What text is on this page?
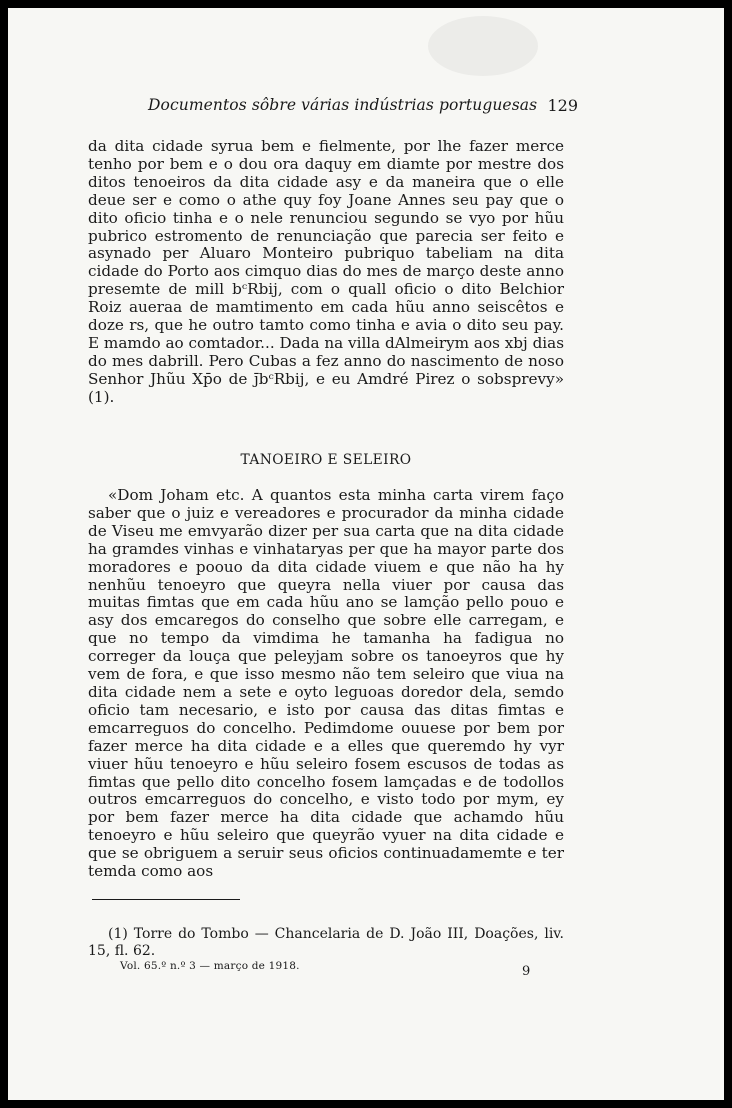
Documentos sôbre várias indústrias portuguesas 129

da dita cidade syrua bem e fielmente, por lhe fazer merce tenho por bem e o dou ora daquy em diamte por mestre dos ditos tenoeiros da dita cidade asy e da maneira que o elle deue ser e como o athe quy foy Joane Annes seu pay que o dito oficio tinha e o nele renunciou segundo se vyo por hũu pubrico estromento de renunciação que parecia ser feito e asynado per Aluaro Monteiro pubriquo tabeliam na dita cidade do Porto aos cimquo dias do mes de março deste anno presemte de mill bᶜRbij, com o quall oficio o dito Belchior Roiz aueraa de mamtimento em cada hũu anno seiscêtos e doze rs, que he outro tamto como tinha e avia o dito seu pay. E mamdo ao comtador... Dada na villa dAlmeirym aos xbj dias do mes dabrill. Pero Cubas a fez anno do nascimento de noso Senhor Jhũu Xp̄o de j̄bᶜRbij, e eu Amdré Pirez o sobsprevy» (1).

TANOEIRO E SELEIRO

«Dom Joham etc. A quantos esta minha carta virem faço saber que o juiz e vereadores e procurador da minha cidade de Viseu me emvyarão dizer per sua carta que na dita cidade ha gramdes vinhas e vinhataryas per que ha mayor parte dos moradores e poouo da dita cidade viuem e que não ha hy nenhũu tenoeyro que queyra nella viuer por causa das muitas fimtas que em cada hũu ano se lamção pello pouo e asy dos emcaregos do conselho que sobre elle carregam, e que no tempo da vimdima he tamanha ha fadigua no correger da louça que peleyjam sobre os tanoeyros que hy vem de fora, e que isso mesmo não tem seleiro que viua na dita cidade nem a sete e oyto leguoas doredor dela, semdo oficio tam necesario, e isto por causa das ditas fimtas e emcarreguos do concelho. Pedimdome ouuese por bem por fazer merce ha dita cidade e a elles que queremdo hy vyr viuer hũu tenoeyro e hũu seleiro fosem escusos de todas as fimtas que pello dito concelho fosem lamçadas e de todollos outros emcarreguos do concelho, e visto todo por mym, ey por bem fazer merce ha dita cidade que achamdo hũu tenoeyro e hũu seleiro que queyrão vyuer na dita cidade e que se obriguem a seruir seus oficios continuadamemte e ter temda como aos

(1) Torre do Tombo — Chancelaria de D. João III, Doações, liv. 15, fl. 62.

Vol. 65.º n.º 3 — março de 1918.	9
